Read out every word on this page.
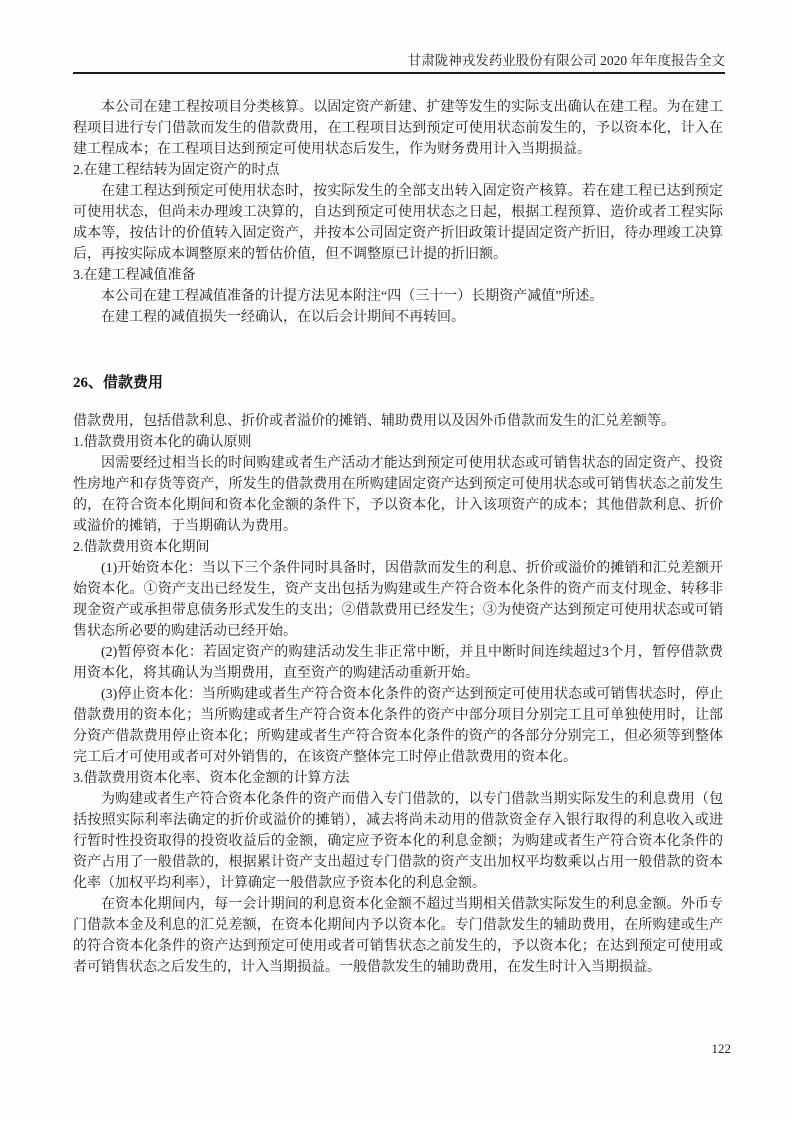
甘肃陇神戎发药业股份有限公司 2020 年年度报告全文

本公司在建工程按项目分类核算。以固定资产新建、扩建等发生的实际支出确认在建工程。为在建工程项目进行专门借款而发生的借款费用，在工程项目达到预定可使用状态前发生的，予以资本化，计入在建工程成本；在工程项目达到预定可使用状态后发生，作为财务费用计入当期损益。

2.在建工程结转为固定资产的时点

在建工程达到预定可使用状态时，按实际发生的全部支出转入固定资产核算。若在建工程已达到预定可使用状态，但尚未办理竣工决算的，自达到预定可使用状态之日起，根据工程预算、造价或者工程实际成本等，按估计的价值转入固定资产，并按本公司固定资产折旧政策计提固定资产折旧，待办理竣工决算后，再按实际成本调整原来的暂估价值，但不调整原已计提的折旧额。

3.在建工程减值准备

本公司在建工程减值准备的计提方法见本附注“四（三十一）长期资产减值”所述。

在建工程的减值损失一经确认，在以后会计期间不再转回。

26、借款费用

借款费用，包括借款利息、折价或者溢价的摊销、辅助费用以及因外币借款而发生的汇兑差额等。

1.借款费用资本化的确认原则

因需要经过相当长的时间购建或者生产活动才能达到预定可使用状态或可销售状态的固定资产、投资性房地产和存货等资产，所发生的借款费用在所购建固定资产达到预定可使用状态或可销售状态之前发生的，在符合资本化期间和资本化金额的条件下，予以资本化，计入该项资产的成本；其他借款利息、折价或溢价的摊销，于当期确认为费用。

2.借款费用资本化期间

(1)开始资本化：当以下三个条件同时具备时，因借款而发生的利息、折价或溢价的摊销和汇兑差额开始资本化。①资产支出已经发生，资产支出包括为购建或生产符合资本化条件的资产而支付现金、转移非现金资产或承担带息债务形式发生的支出；②借款费用已经发生；③为使资产达到预定可使用状态或可销售状态所必要的购建活动已经开始。

(2)暂停资本化：若固定资产的购建活动发生非正常中断，并且中断时间连续超过3个月，暂停借款费用资本化，将其确认为当期费用，直至资产的购建活动重新开始。

(3)停止资本化：当所购建或者生产符合资本化条件的资产达到预定可使用状态或可销售状态时，停止借款费用的资本化；当所购建或者生产符合资本化条件的资产中部分项目分别完工且可单独使用时，让部分资产借款费用停止资本化；所购建或者生产符合资本化条件的资产的各部分分别完工，但必须等到整体完工后才可使用或者可对外销售的，在该资产整体完工时停止借款费用的资本化。

3.借款费用资本化率、资本化金额的计算方法

为购建或者生产符合资本化条件的资产而借入专门借款的，以专门借款当期实际发生的利息费用（包括按照实际利率法确定的折价或溢价的摊销），减去将尚未动用的借款资金存入银行取得的利息收入或进行暂时性投资取得的投资收益后的金额，确定应予资本化的利息金额；为购建或者生产符合资本化条件的资产占用了一般借款的，根据累计资产支出超过专门借款的资产支出加权平均数乘以占用一般借款的资本化率（加权平均利率），计算确定一般借款应予资本化的利息金额。

在资本化期间内，每一会计期间的利息资本化金额不超过当期相关借款实际发生的利息金额。外币专门借款本金及利息的汇兑差额，在资本化期间内予以资本化。专门借款发生的辅助费用，在所购建或生产的符合资本化条件的资产达到预定可使用或者可销售状态之前发生的，予以资本化；在达到预定可使用或者可销售状态之后发生的，计入当期损益。一般借款发生的辅助费用，在发生时计入当期损益。

122
